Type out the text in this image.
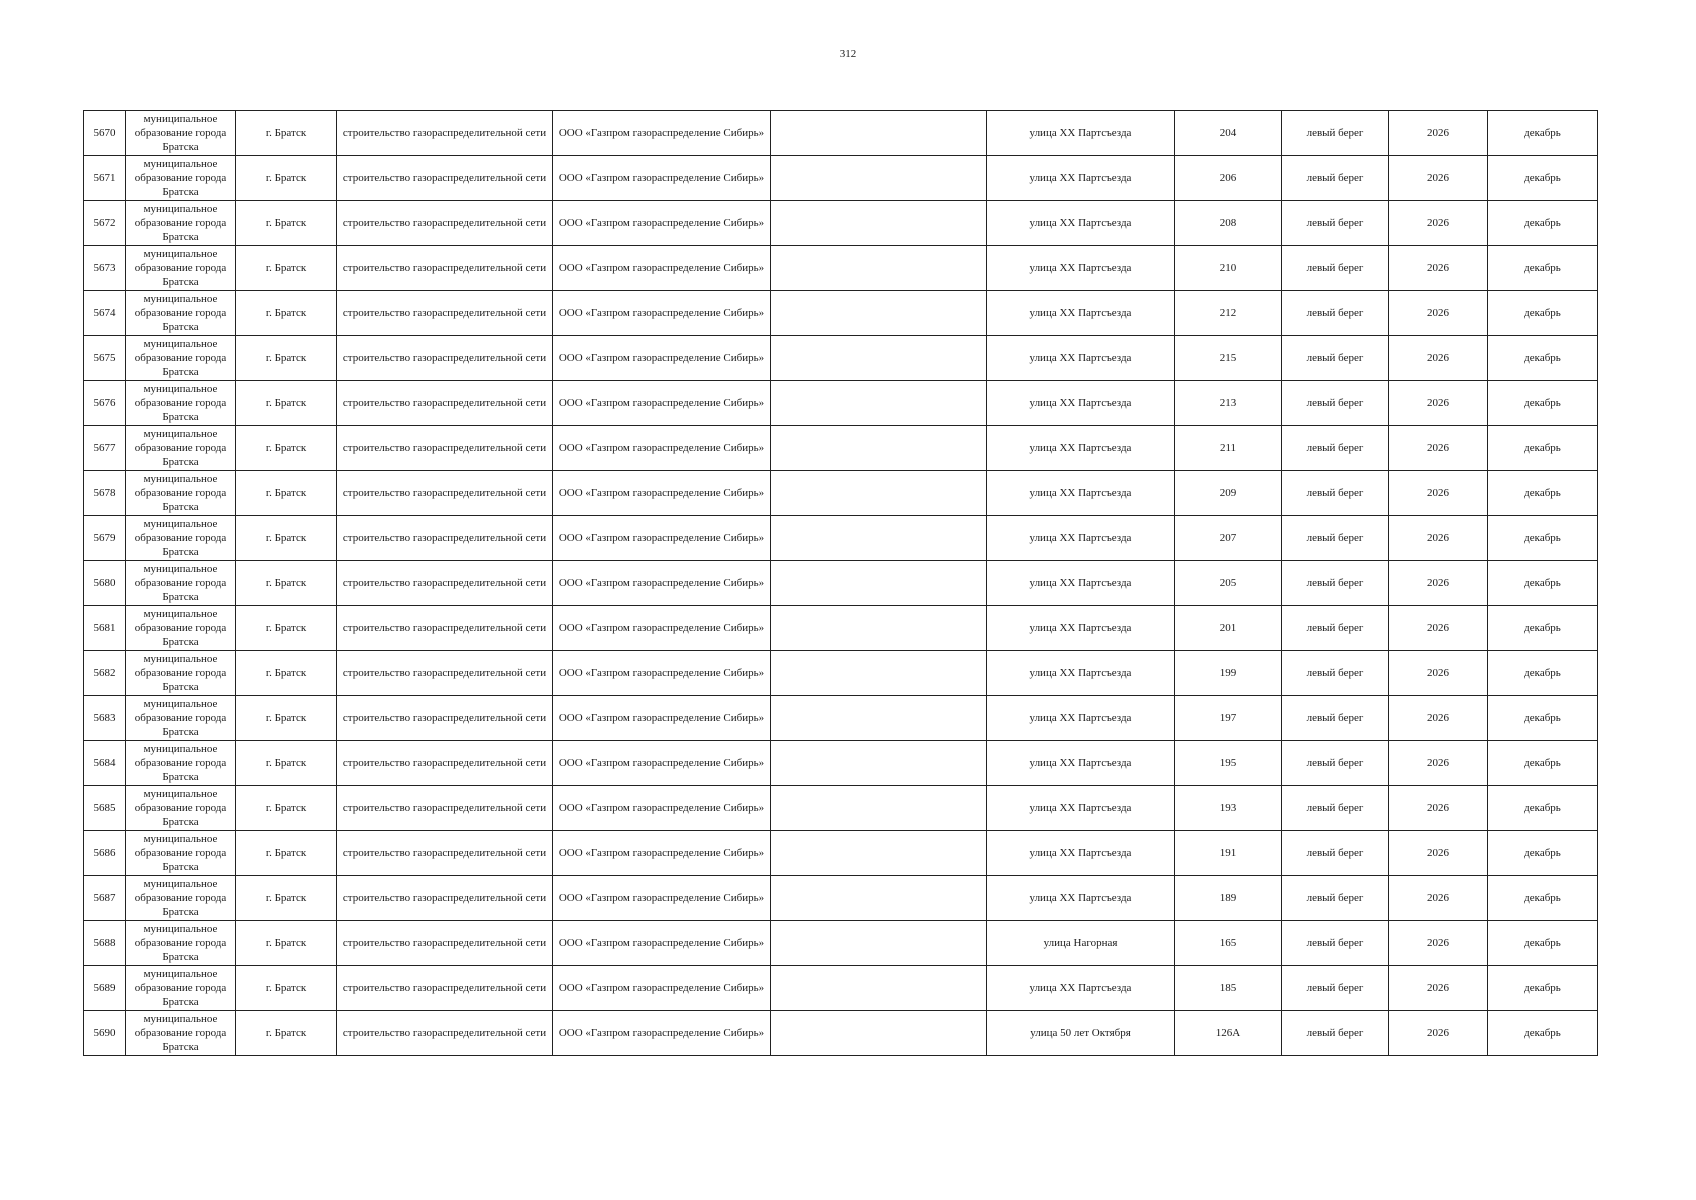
312
5670	муниципальное образование города Братска	г. Братск	строительство газораспределительной сети	ООО «Газпром газораспределение Сибирь»		улица ХХ Партсъезда	204	левый берег	2026	декабрь
5671	муниципальное образование города Братска	г. Братск	строительство газораспределительной сети	ООО «Газпром газораспределение Сибирь»		улица ХХ Партсъезда	206	левый берег	2026	декабрь
5672	муниципальное образование города Братска	г. Братск	строительство газораспределительной сети	ООО «Газпром газораспределение Сибирь»		улица ХХ Партсъезда	208	левый берег	2026	декабрь
5673	муниципальное образование города Братска	г. Братск	строительство газораспределительной сети	ООО «Газпром газораспределение Сибирь»		улица ХХ Партсъезда	210	левый берег	2026	декабрь
5674	муниципальное образование города Братска	г. Братск	строительство газораспределительной сети	ООО «Газпром газораспределение Сибирь»		улица ХХ Партсъезда	212	левый берег	2026	декабрь
5675	муниципальное образование города Братска	г. Братск	строительство газораспределительной сети	ООО «Газпром газораспределение Сибирь»		улица ХХ Партсъезда	215	левый берег	2026	декабрь
5676	муниципальное образование города Братска	г. Братск	строительство газораспределительной сети	ООО «Газпром газораспределение Сибирь»		улица ХХ Партсъезда	213	левый берег	2026	декабрь
5677	муниципальное образование города Братска	г. Братск	строительство газораспределительной сети	ООО «Газпром газораспределение Сибирь»		улица ХХ Партсъезда	211	левый берег	2026	декабрь
5678	муниципальное образование города Братска	г. Братск	строительство газораспределительной сети	ООО «Газпром газораспределение Сибирь»		улица ХХ Партсъезда	209	левый берег	2026	декабрь
5679	муниципальное образование города Братска	г. Братск	строительство газораспределительной сети	ООО «Газпром газораспределение Сибирь»		улица ХХ Партсъезда	207	левый берег	2026	декабрь
5680	муниципальное образование города Братска	г. Братск	строительство газораспределительной сети	ООО «Газпром газораспределение Сибирь»		улица ХХ Партсъезда	205	левый берег	2026	декабрь
5681	муниципальное образование города Братска	г. Братск	строительство газораспределительной сети	ООО «Газпром газораспределение Сибирь»		улица ХХ Партсъезда	201	левый берег	2026	декабрь
5682	муниципальное образование города Братска	г. Братск	строительство газораспределительной сети	ООО «Газпром газораспределение Сибирь»		улица ХХ Партсъезда	199	левый берег	2026	декабрь
5683	муниципальное образование города Братска	г. Братск	строительство газораспределительной сети	ООО «Газпром газораспределение Сибирь»		улица ХХ Партсъезда	197	левый берег	2026	декабрь
5684	муниципальное образование города Братска	г. Братск	строительство газораспределительной сети	ООО «Газпром газораспределение Сибирь»		улица ХХ Партсъезда	195	левый берег	2026	декабрь
5685	муниципальное образование города Братска	г. Братск	строительство газораспределительной сети	ООО «Газпром газораспределение Сибирь»		улица ХХ Партсъезда	193	левый берег	2026	декабрь
5686	муниципальное образование города Братска	г. Братск	строительство газораспределительной сети	ООО «Газпром газораспределение Сибирь»		улица ХХ Партсъезда	191	левый берег	2026	декабрь
5687	муниципальное образование города Братска	г. Братск	строительство газораспределительной сети	ООО «Газпром газораспределение Сибирь»		улица ХХ Партсъезда	189	левый берег	2026	декабрь
5688	муниципальное образование города Братска	г. Братск	строительство газораспределительной сети	ООО «Газпром газораспределение Сибирь»		улица Нагорная	165	левый берег	2026	декабрь
5689	муниципальное образование города Братска	г. Братск	строительство газораспределительной сети	ООО «Газпром газораспределение Сибирь»		улица ХХ Партсъезда	185	левый берег	2026	декабрь
5690	муниципальное образование города Братска	г. Братск	строительство газораспределительной сети	ООО «Газпром газораспределение Сибирь»		улица 50 лет Октября	126А	левый берег	2026	декабрь
